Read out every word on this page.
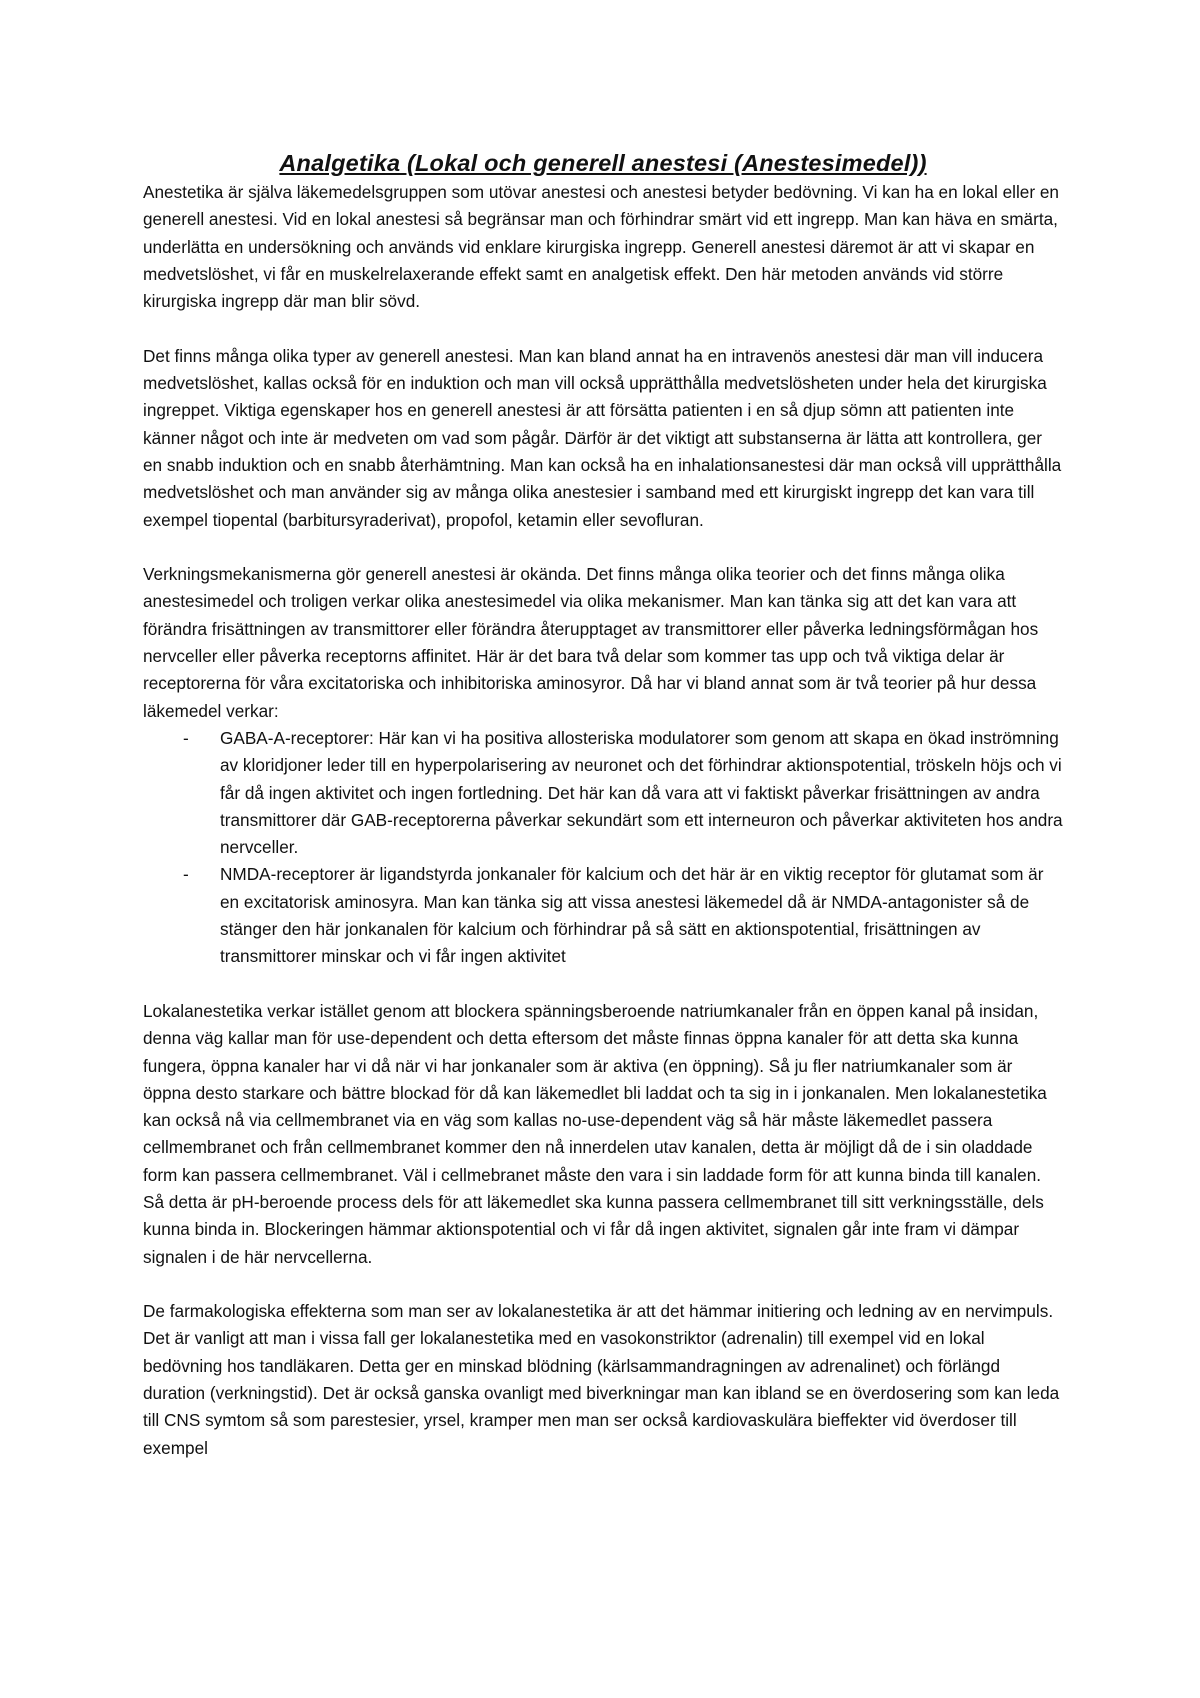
Analgetika (Lokal och generell anestesi (Anestesimedel))

Anestetika är själva läkemedelsgruppen som utövar anestesi och anestesi betyder bedövning. Vi kan ha en lokal eller en generell anestesi. Vid en lokal anestesi så begränsar man och förhindrar smärt vid ett ingrepp. Man kan häva en smärta, underlätta en undersökning och används vid enklare kirurgiska ingrepp. Generell anestesi däremot är att vi skapar en medvetslöshet, vi får en muskelrelaxerande effekt samt en analgetisk effekt. Den här metoden används vid större kirurgiska ingrepp där man blir sövd.

Det finns många olika typer av generell anestesi. Man kan bland annat ha en intravenös anestesi där man vill inducera medvetslöshet, kallas också för en induktion och man vill också upprätthålla medvetslösheten under hela det kirurgiska ingreppet. Viktiga egenskaper hos en generell anestesi är att försätta patienten i en så djup sömn att patienten inte känner något och inte är medveten om vad som pågår. Därför är det viktigt att substanserna är lätta att kontrollera, ger en snabb induktion och en snabb återhämtning. Man kan också ha en inhalationsanestesi där man också vill upprätthålla medvetslöshet och man använder sig av många olika anestesier i samband med ett kirurgiskt ingrepp det kan vara till exempel tiopental (barbitursyraderivat), propofol, ketamin eller sevofluran.

Verkningsmekanismerna gör generell anestesi är okända. Det finns många olika teorier och det finns många olika anestesimedel och troligen verkar olika anestesimedel via olika mekanismer. Man kan tänka sig att det kan vara att förändra frisättningen av transmittorer eller förändra återupptaget av transmittorer eller påverka ledningsförmågan hos nervceller eller påverka receptorns affinitet. Här är det bara två delar som kommer tas upp och två viktiga delar är receptorerna för våra excitatoriska och inhibitoriska aminosyror. Då har vi bland annat som är två teorier på hur dessa läkemedel verkar:

- GABA-A-receptorer: Här kan vi ha positiva allosteriska modulatorer som genom att skapa en ökad inströmning av kloridjoner leder till en hyperpolarisering av neuronet och det förhindrar aktionspotential, tröskeln höjs och vi får då ingen aktivitet och ingen fortledning. Det här kan då vara att vi faktiskt påverkar frisättningen av andra transmittorer där GAB-receptorerna påverkar sekundärt som ett interneuron och påverkar aktiviteten hos andra nervceller.
- NMDA-receptorer är ligandstyrda jonkanaler för kalcium och det här är en viktig receptor för glutamat som är en excitatorisk aminosyra. Man kan tänka sig att vissa anestesi läkemedel då är NMDA-antagonister så de stänger den här jonkanalen för kalcium och förhindrar på så sätt en aktionspotential, frisättningen av transmittorer minskar och vi får ingen aktivitet

Lokalanestetika verkar istället genom att blockera spänningsberoende natriumkanaler från en öppen kanal på insidan, denna väg kallar man för use-dependent och detta eftersom det måste finnas öppna kanaler för att detta ska kunna fungera, öppna kanaler har vi då när vi har jonkanaler som är aktiva (en öppning). Så ju fler natriumkanaler som är öppna desto starkare och bättre blockad för då kan läkemedlet bli laddat och ta sig in i jonkanalen. Men lokalanestetika kan också nå via cellmembranet via en väg som kallas no-use-dependent väg så här måste läkemedlet passera cellmembranet och från cellmembranet kommer den nå innerdelen utav kanalen, detta är möjligt då de i sin oladdade form kan passera cellmembranet. Väl i cellmebranet måste den vara i sin laddade form för att kunna binda till kanalen. Så detta är pH-beroende process dels för att läkemedlet ska kunna passera cellmembranet till sitt verkningsställe, dels kunna binda in. Blockeringen hämmar aktionspotential och vi får då ingen aktivitet, signalen går inte fram vi dämpar signalen i de här nervcellerna.

De farmakologiska effekterna som man ser av lokalanestetika är att det hämmar initiering och ledning av en nervimpuls. Det är vanligt att man i vissa fall ger lokalanestetika med en vasokonstriktor (adrenalin) till exempel vid en lokal bedövning hos tandläkaren. Detta ger en minskad blödning (kärlsammandragningen av adrenalinet) och förlängd duration (verkningstid). Det är också ganska ovanligt med biverkningar man kan ibland se en överdosering som kan leda till CNS symtom så som parestesier, yrsel, kramper men man ser också kardiovaskulära bieffekter vid överdoser till exempel
